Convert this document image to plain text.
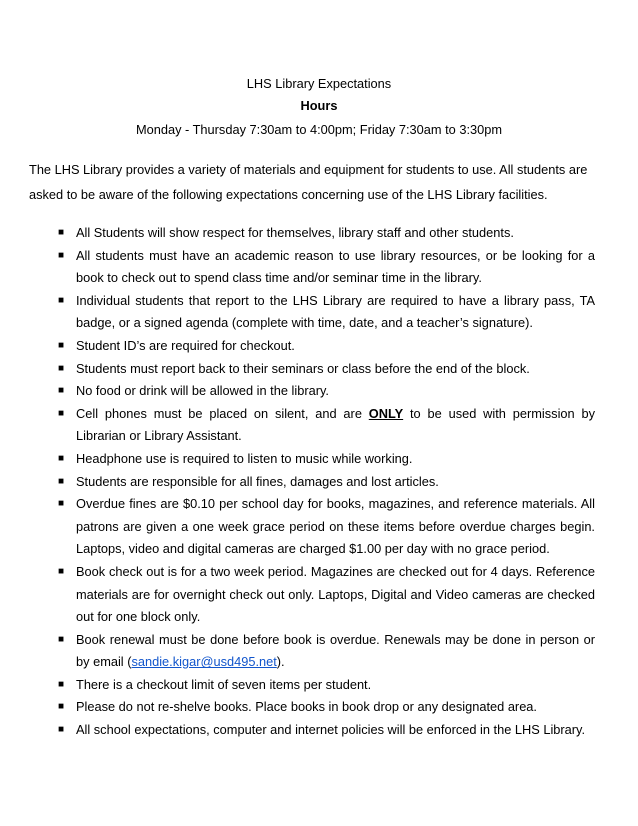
LHS Library Expectations
Hours
Monday - Thursday 7:30am to 4:00pm; Friday 7:30am to 3:30pm
The LHS Library provides a variety of materials and equipment for students to use. All students are asked to be aware of the following expectations concerning use of the LHS Library facilities.
■ All Students will show respect for themselves, library staff and other students.
■ All students must have an academic reason to use library resources, or be looking for a book to check out to spend class time and/or seminar time in the library.
■ Individual students that report to the LHS Library are required to have a library pass, TA badge, or a signed agenda (complete with time, date, and a teacher’s signature).
■ Student ID’s are required for checkout.
■ Students must report back to their seminars or class before the end of the block.
■ No food or drink will be allowed in the library.
■ Cell phones must be placed on silent, and are ONLY to be used with permission by Librarian or Library Assistant.
■ Headphone use is required to listen to music while working.
■ Students are responsible for all fines, damages and lost articles.
■ Overdue fines are $0.10 per school day for books, magazines, and reference materials. All patrons are given a one week grace period on these items before overdue charges begin. Laptops, video and digital cameras are charged $1.00 per day with no grace period.
■ Book check out is for a two week period. Magazines are checked out for 4 days. Reference materials are for overnight check out only. Laptops, Digital and Video cameras are checked out for one block only.
■ Book renewal must be done before book is overdue. Renewals may be done in person or by email (sandie.kigar@usd495.net).
■ There is a checkout limit of seven items per student.
■ Please do not re-shelve books. Place books in book drop or any designated area.
■ All school expectations, computer and internet policies will be enforced in the LHS Library.
